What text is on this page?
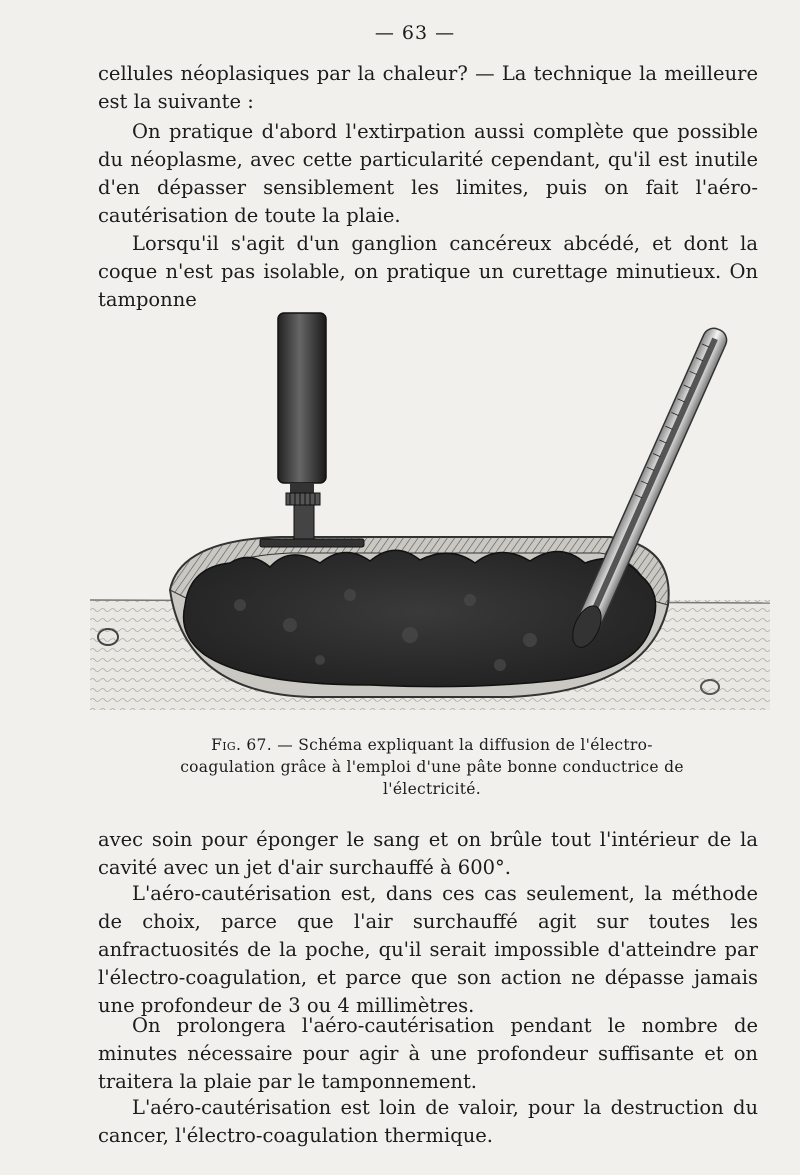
— 63 —

cellules néoplasiques par la chaleur? — La technique la meilleure est la suivante :

On pratique d'abord l'extirpation aussi complète que possible du néoplasme, avec cette particularité cependant, qu'il est inutile d'en dépasser sensiblement les limites, puis on fait l'aéro-cautérisation de toute la plaie.

Lorsqu'il s'agit d'un ganglion cancéreux abcédé, et dont la coque n'est pas isolable, on pratique un curettage minutieux. On tamponne

Fig. 67. — Schéma expliquant la diffusion de l'électro-coagulation grâce à l'emploi d'une pâte bonne conductrice de l'électricité.

avec soin pour éponger le sang et on brûle tout l'intérieur de la cavité avec un jet d'air surchauffé à 600°.

L'aéro-cautérisation est, dans ces cas seulement, la méthode de choix, parce que l'air surchauffé agit sur toutes les anfractuosités de la poche, qu'il serait impossible d'atteindre par l'électro-coagulation, et parce que son action ne dépasse jamais une profondeur de 3 ou 4 millimètres.

On prolongera l'aéro-cautérisation pendant le nombre de minutes nécessaire pour agir à une profondeur suffisante et on traitera la plaie par le tamponnement.

L'aéro-cautérisation est loin de valoir, pour la destruction du cancer, l'électro-coagulation thermique.
